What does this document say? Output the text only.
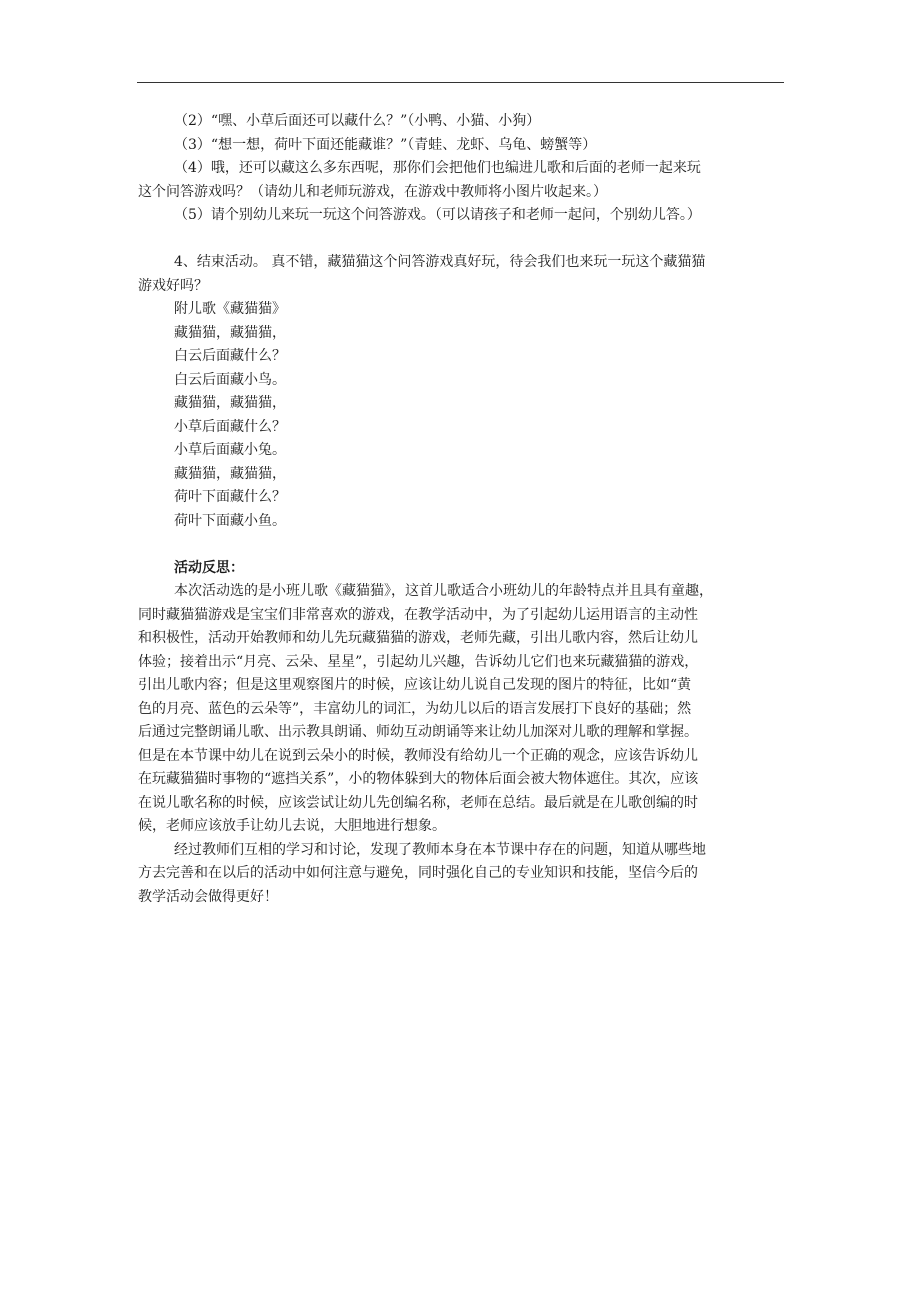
（2）“嘿、小草后面还可以藏什么？”（小鸭、小猫、小狗）

（3）“想一想，荷叶下面还能藏谁？”（青蛙、龙虾、乌龟、螃蟹等）

（4）哦，还可以藏这么多东西呢，那你们会把他们也编进儿歌和后面的老师一起来玩

这个问答游戏吗？（请幼儿和老师玩游戏，在游戏中教师将小图片收起来。）

（5）请个别幼儿来玩一玩这个问答游戏。（可以请孩子和老师一起问，个别幼儿答。）

4、结束活动。 真不错，藏猫猫这个问答游戏真好玩，待会我们也来玩一玩这个藏猫猫

游戏好吗？

附儿歌《藏猫猫》

藏猫猫，藏猫猫，

白云后面藏什么？

白云后面藏小鸟。

藏猫猫，藏猫猫，

小草后面藏什么？

小草后面藏小兔。

藏猫猫，藏猫猫，

荷叶下面藏什么？

荷叶下面藏小鱼。

活动反思：

本次活动选的是小班儿歌《藏猫猫》，这首儿歌适合小班幼儿的年龄特点并且具有童趣，

同时藏猫猫游戏是宝宝们非常喜欢的游戏，在教学活动中，为了引起幼儿运用语言的主动性

和积极性，活动开始教师和幼儿先玩藏猫猫的游戏，老师先藏，引出儿歌内容，然后让幼儿

体验；接着出示“月亮、云朵、星星”，引起幼儿兴趣，告诉幼儿它们也来玩藏猫猫的游戏，

引出儿歌内容；但是这里观察图片的时候，应该让幼儿说自己发现的图片的特征，比如“黄

色的月亮、蓝色的云朵等”，丰富幼儿的词汇，为幼儿以后的语言发展打下良好的基础；然

后通过完整朗诵儿歌、出示教具朗诵、师幼互动朗诵等来让幼儿加深对儿歌的理解和掌握。

但是在本节课中幼儿在说到云朵小的时候，教师没有给幼儿一个正确的观念，应该告诉幼儿

在玩藏猫猫时事物的“遮挡关系”，小的物体躲到大的物体后面会被大物体遮住。其次，应该

在说儿歌名称的时候，应该尝试让幼儿先创编名称，老师在总结。最后就是在儿歌创编的时

候，老师应该放手让幼儿去说，大胆地进行想象。

经过教师们互相的学习和讨论，发现了教师本身在本节课中存在的问题，知道从哪些地

方去完善和在以后的活动中如何注意与避免，同时强化自己的专业知识和技能，坚信今后的

教学活动会做得更好！
